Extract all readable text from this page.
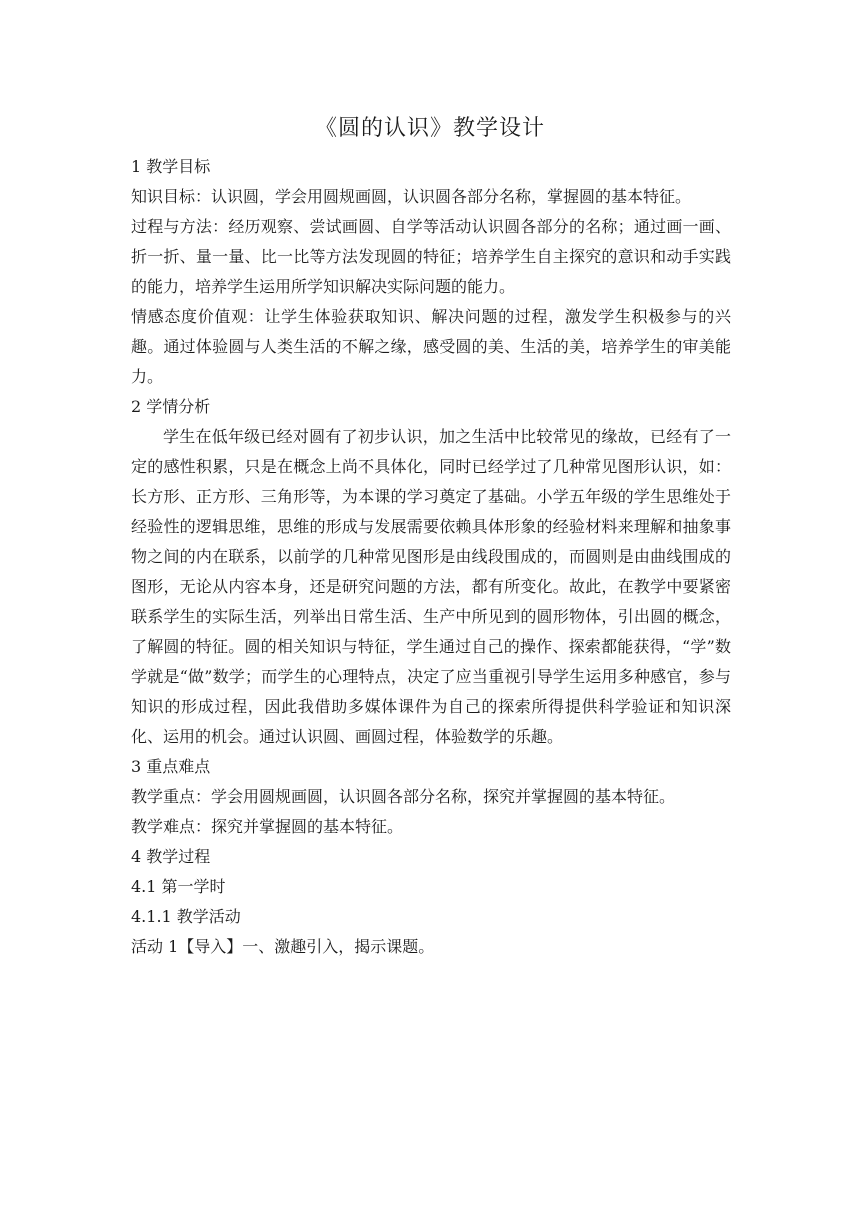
《圆的认识》教学设计

1 教学目标

知识目标：认识圆，学会用圆规画圆，认识圆各部分名称，掌握圆的基本特征。

过程与方法：经历观察、尝试画圆、自学等活动认识圆各部分的名称；通过画一画、折一折、量一量、比一比等方法发现圆的特征；培养学生自主探究的意识和动手实践的能力，培养学生运用所学知识解决实际问题的能力。

情感态度价值观：让学生体验获取知识、解决问题的过程，激发学生积极参与的兴趣。通过体验圆与人类生活的不解之缘，感受圆的美、生活的美，培养学生的审美能力。

2 学情分析

学生在低年级已经对圆有了初步认识，加之生活中比较常见的缘故，已经有了一定的感性积累，只是在概念上尚不具体化，同时已经学过了几种常见图形认识，如：长方形、正方形、三角形等，为本课的学习奠定了基础。小学五年级的学生思维处于经验性的逻辑思维，思维的形成与发展需要依赖具体形象的经验材料来理解和抽象事物之间的内在联系，以前学的几种常见图形是由线段围成的，而圆则是由曲线围成的图形，无论从内容本身，还是研究问题的方法，都有所变化。故此，在教学中要紧密联系学生的实际生活，列举出日常生活、生产中所见到的圆形物体，引出圆的概念，了解圆的特征。圆的相关知识与特征，学生通过自己的操作、探索都能获得，“学”数学就是“做”数学；而学生的心理特点，决定了应当重视引导学生运用多种感官，参与知识的形成过程，因此我借助多媒体课件为自己的探索所得提供科学验证和知识深化、运用的机会。通过认识圆、画圆过程，体验数学的乐趣。

3 重点难点

教学重点：学会用圆规画圆，认识圆各部分名称，探究并掌握圆的基本特征。

教学难点：探究并掌握圆的基本特征。

4 教学过程

4.1 第一学时

4.1.1 教学活动

活动 1【导入】一、激趣引入，揭示课题。
